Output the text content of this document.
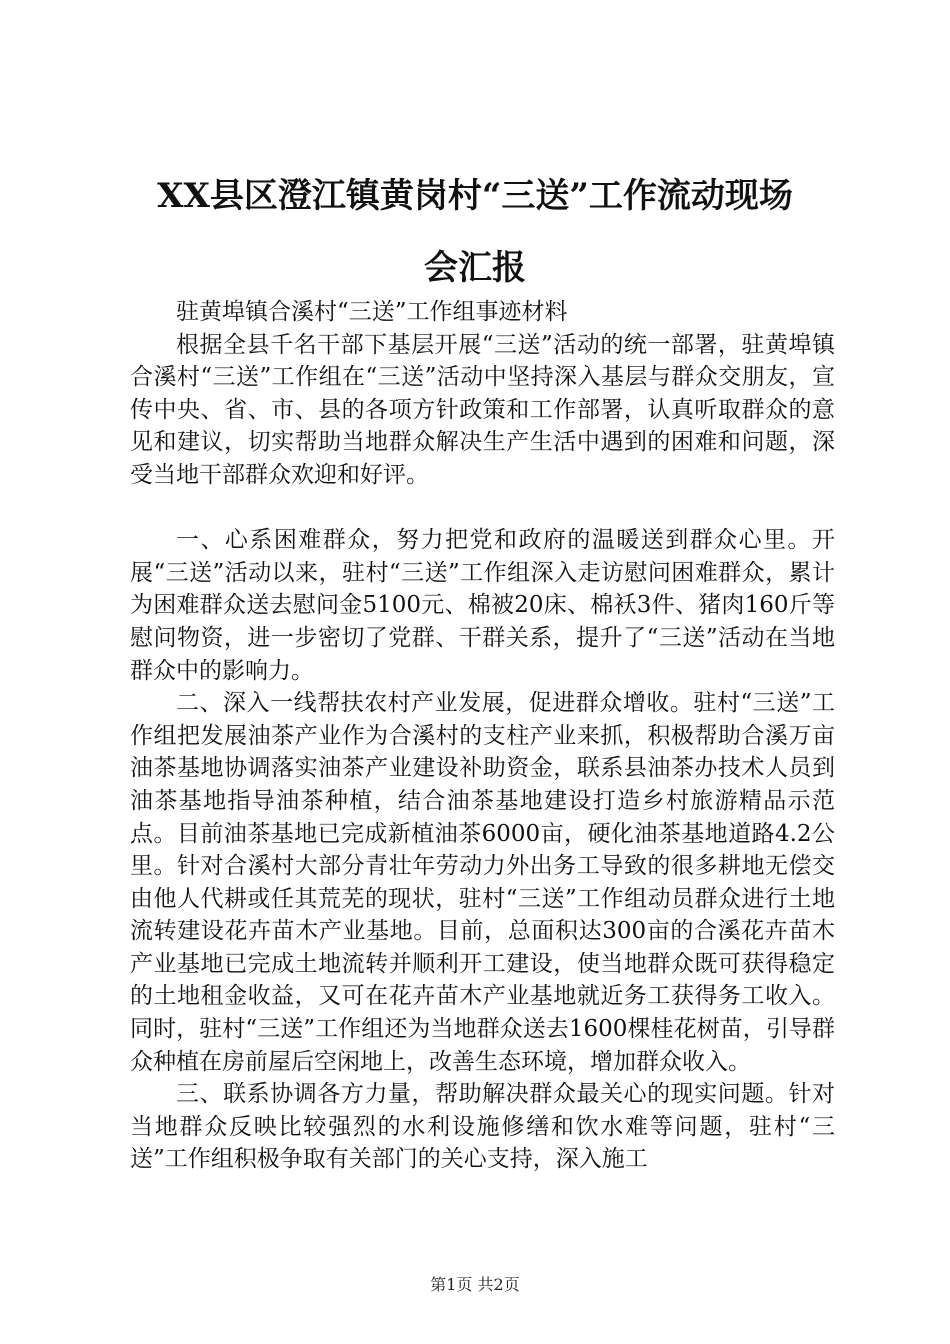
XX县区澄江镇黄岗村“三送”工作流动现场
会汇报

驻黄埠镇合溪村“三送”工作组事迹材料

根据全县千名干部下基层开展“三送”活动的统一部署，驻黄埠镇合溪村“三送”工作组在“三送”活动中坚持深入基层与群众交朋友，宣传中央、省、市、县的各项方针政策和工作部署，认真听取群众的意见和建议，切实帮助当地群众解决生产生活中遇到的困难和问题，深受当地干部群众欢迎和好评。

一、心系困难群众，努力把党和政府的温暖送到群众心里。开展“三送”活动以来，驻村“三送”工作组深入走访慰问困难群众，累计为困难群众送去慰问金5100元、棉被20床、棉袄3件、猪肉160斤等慰问物资，进一步密切了党群、干群关系，提升了“三送”活动在当地群众中的影响力。

二、深入一线帮扶农村产业发展，促进群众增收。驻村“三送”工作组把发展油茶产业作为合溪村的支柱产业来抓，积极帮助合溪万亩油茶基地协调落实油茶产业建设补助资金，联系县油茶办技术人员到油茶基地指导油茶种植，结合油茶基地建设打造乡村旅游精品示范点。目前油茶基地已完成新植油茶6000亩，硬化油茶基地道路4.2公里。针对合溪村大部分青壮年劳动力外出务工导致的很多耕地无偿交由他人代耕或任其荒芜的现状，驻村“三送”工作组动员群众进行土地流转建设花卉苗木产业基地。目前，总面积达300亩的合溪花卉苗木产业基地已完成土地流转并顺利开工建设，使当地群众既可获得稳定的土地租金收益，又可在花卉苗木产业基地就近务工获得务工收入。同时，驻村“三送”工作组还为当地群众送去1600棵桂花树苗，引导群众种植在房前屋后空闲地上，改善生态环境，增加群众收入。

三、联系协调各方力量，帮助解决群众最关心的现实问题。针对当地群众反映比较强烈的水利设施修缮和饮水难等问题，驻村“三送”工作组积极争取有关部门的关心支持，深入施工

第1页 共2页
